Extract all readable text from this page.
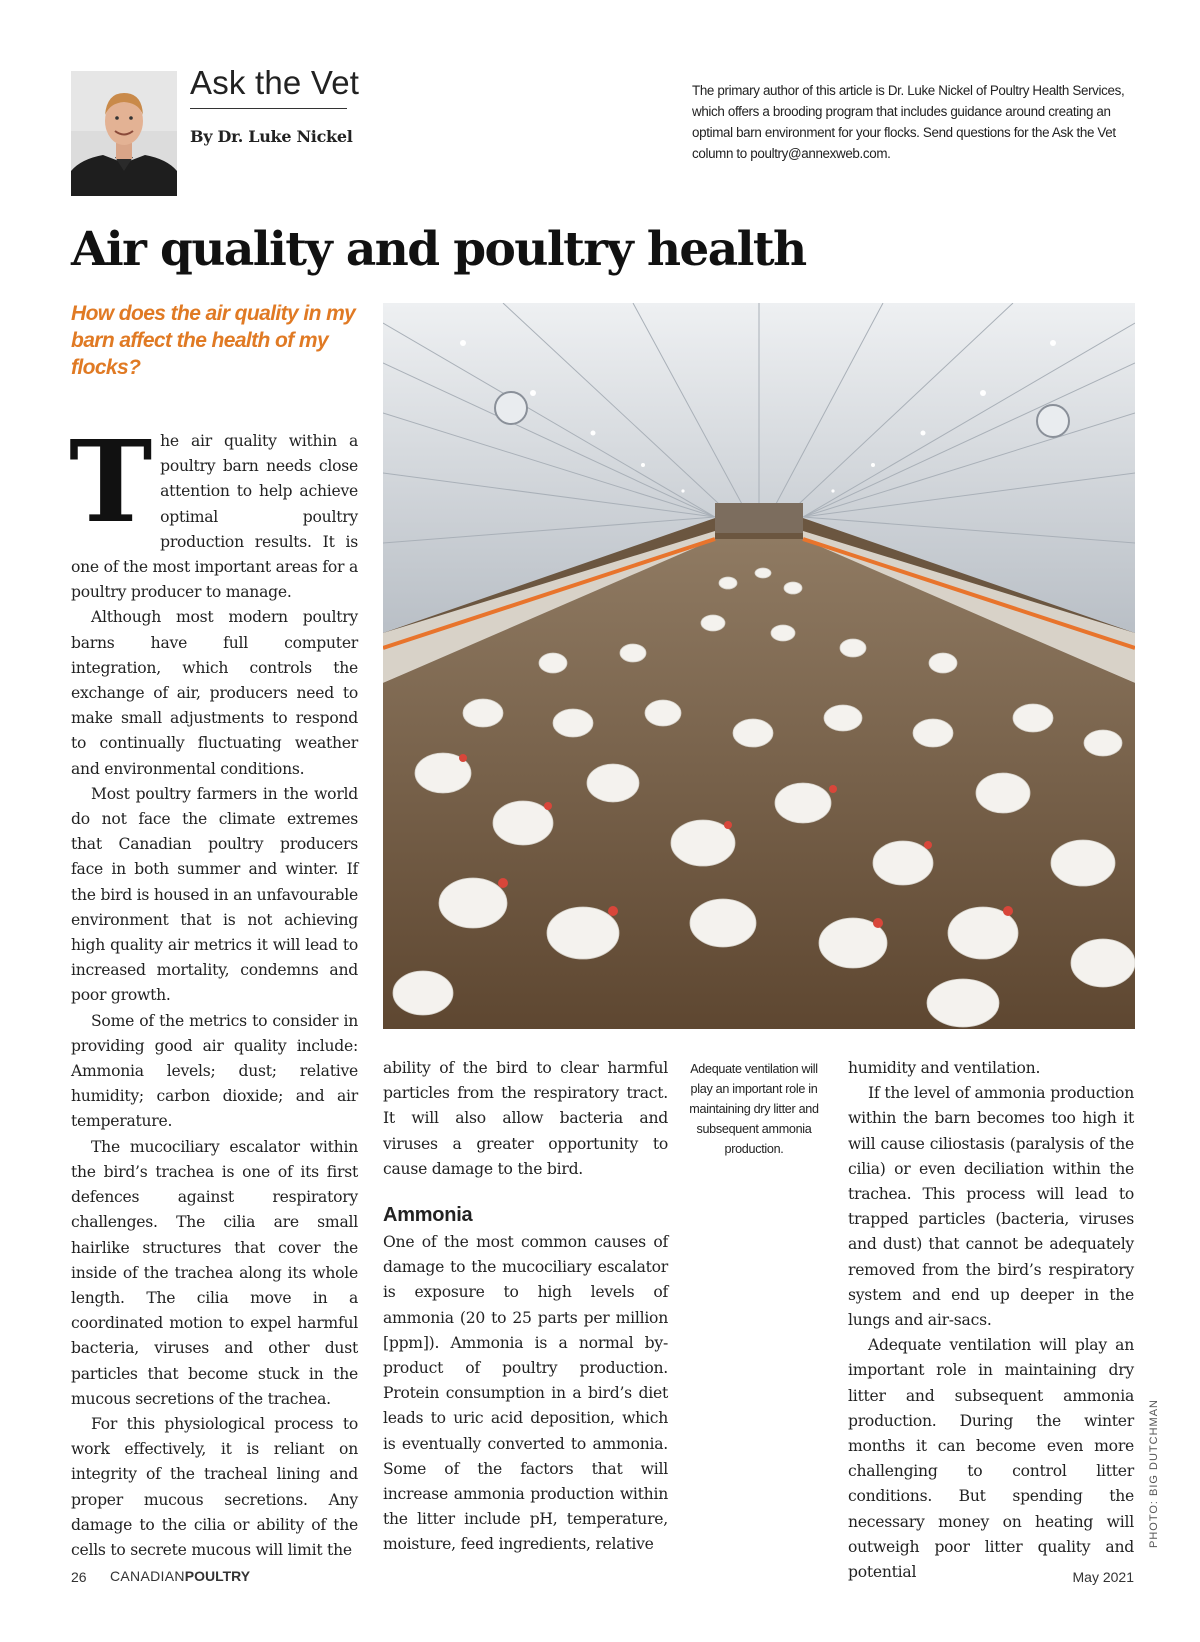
Ask the Vet
By Dr. Luke Nickel
The primary author of this article is Dr. Luke Nickel of Poultry Health Services, which offers a brooding program that includes guidance around creating an optimal barn environment for your flocks. Send questions for the Ask the Vet column to poultry@annexweb.com.
Air quality and poultry health
How does the air quality in my barn affect the health of my flocks?
T he air quality within a poultry barn needs close attention to help achieve optimal poultry production results. It is one of the most important areas for a poultry producer to manage.

Although most modern poultry barns have full computer integration, which controls the exchange of air, producers need to make small adjustments to respond to continually fluctuating weather and environmental conditions.

Most poultry farmers in the world do not face the climate extremes that Canadian poultry producers face in both summer and winter. If the bird is housed in an unfavourable environment that is not achieving high quality air metrics it will lead to increased mortality, condemns and poor growth.

Some of the metrics to consider in providing good air quality include: Ammonia levels; dust; relative humidity; carbon dioxide; and air temperature.

The mucociliary escalator within the bird’s trachea is one of its first defences against respiratory challenges. The cilia are small hairlike structures that cover the inside of the trachea along its whole length. The cilia move in a coordinated motion to expel harmful bacteria, viruses and other dust particles that become stuck in the mucous secretions of the trachea.

For this physiological process to work effectively, it is reliant on integrity of the tracheal lining and proper mucous secretions. Any damage to the cilia or ability of the cells to secrete mucous will limit the

ability of the bird to clear harmful particles from the respiratory tract. It will also allow bacteria and viruses a greater opportunity to cause damage to the bird.

Ammonia

One of the most common causes of damage to the mucociliary escalator is exposure to high levels of ammonia (20 to 25 parts per million [ppm]). Ammonia is a normal by-product of poultry production. Protein consumption in a bird’s diet leads to uric acid deposition, which is eventually converted to ammonia. Some of the factors that will increase ammonia production within the litter include pH, temperature, moisture, feed ingredients, relative

Adequate ventilation will play an important role in maintaining dry litter and subsequent ammonia production.

humidity and ventilation.

If the level of ammonia production within the barn becomes too high it will cause ciliostasis (paralysis of the cilia) or even deciliation within the trachea. This process will lead to trapped particles (bacteria, viruses and dust) that cannot be adequately removed from the bird’s respiratory system and end up deeper in the lungs and air-sacs.

Adequate ventilation will play an important role in maintaining dry litter and subsequent ammonia production. During the winter months it can become even more challenging to control litter conditions. But spending the necessary money on heating will outweigh poor litter quality and potential

PHOTO: BIG DUTCHMAN
26 CANADIANPOULTRY	May 2021
